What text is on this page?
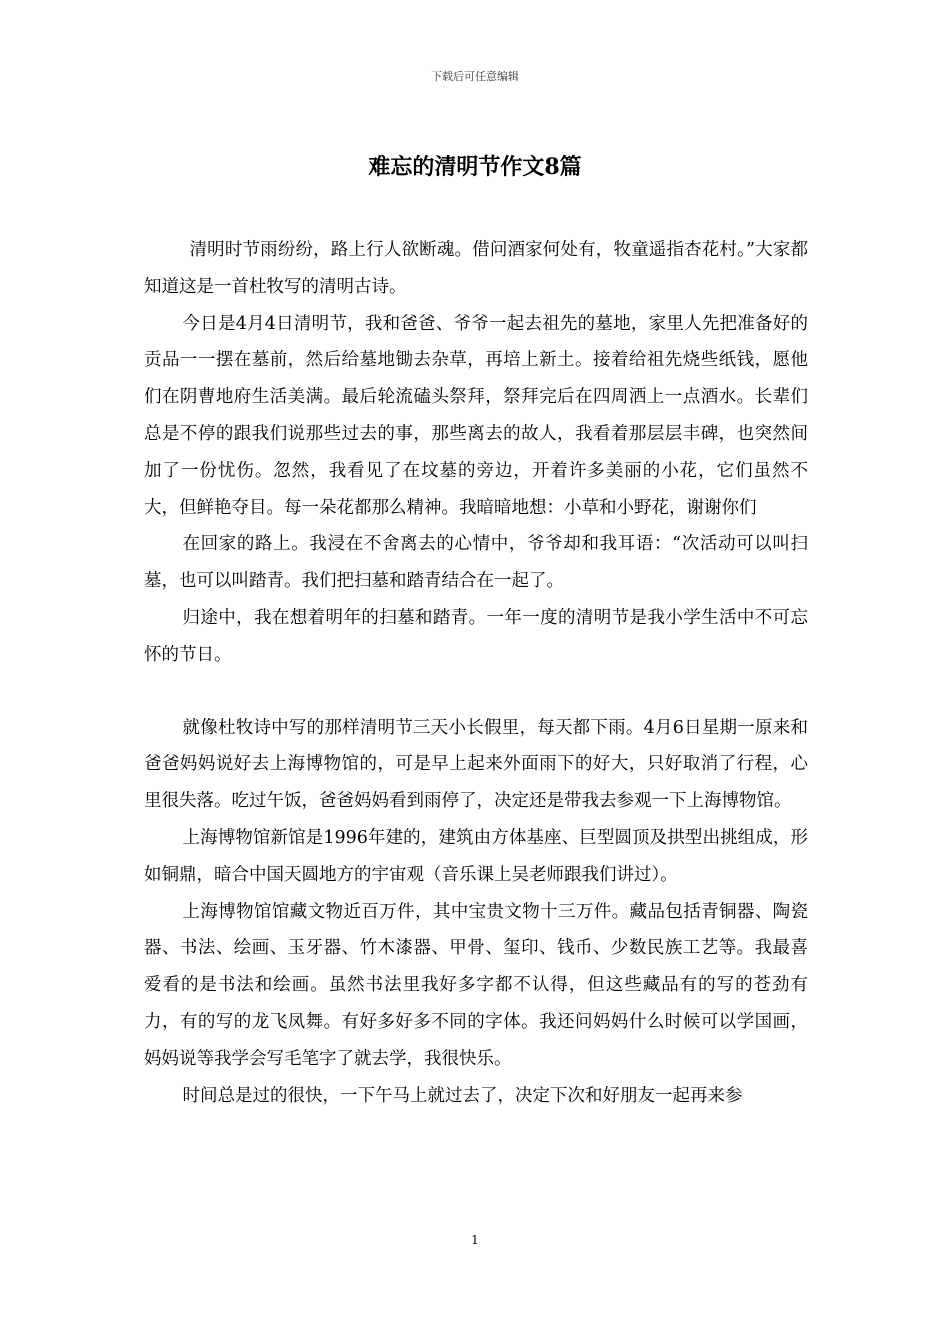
下载后可任意编辑
难忘的清明节作文8篇

清明时节雨纷纷，路上行人欲断魂。借问酒家何处有，牧童遥指杏花村。”大家都知道这是一首杜牧写的清明古诗。

今日是4月4日清明节，我和爸爸、爷爷一起去祖先的墓地，家里人先把准备好的贡品一一摆在墓前，然后给墓地锄去杂草，再培上新土。接着给祖先烧些纸钱，愿他们在阴曹地府生活美满。最后轮流磕头祭拜，祭拜完后在四周洒上一点酒水。长辈们总是不停的跟我们说那些过去的事，那些离去的故人，我看着那层层丰碑，也突然间加了一份忧伤。忽然，我看见了在坟墓的旁边，开着许多美丽的小花，它们虽然不大，但鲜艳夺目。每一朵花都那么精神。我暗暗地想：小草和小野花，谢谢你们

在回家的路上。我浸在不舍离去的心情中，爷爷却和我耳语：“次活动可以叫扫墓，也可以叫踏青。我们把扫墓和踏青结合在一起了。

归途中，我在想着明年的扫墓和踏青。一年一度的清明节是我小学生活中不可忘怀的节日。

就像杜牧诗中写的那样清明节三天小长假里，每天都下雨。4月6日星期一原来和爸爸妈妈说好去上海博物馆的，可是早上起来外面雨下的好大，只好取消了行程，心里很失落。吃过午饭，爸爸妈妈看到雨停了，决定还是带我去参观一下上海博物馆。

上海博物馆新馆是1996年建的，建筑由方体基座、巨型圆顶及拱型出挑组成，形如铜鼎，暗合中国天圆地方的宇宙观（音乐课上吴老师跟我们讲过）。

上海博物馆馆藏文物近百万件，其中宝贵文物十三万件。藏品包括青铜器、陶瓷器、书法、绘画、玉牙器、竹木漆器、甲骨、玺印、钱币、少数民族工艺等。我最喜爱看的是书法和绘画。虽然书法里我好多字都不认得，但这些藏品有的写的苍劲有力，有的写的龙飞凤舞。有好多好多不同的字体。我还问妈妈什么时候可以学国画，妈妈说等我学会写毛笔字了就去学，我很快乐。

时间总是过的很快，一下午马上就过去了，决定下次和好朋友一起再来参

1
